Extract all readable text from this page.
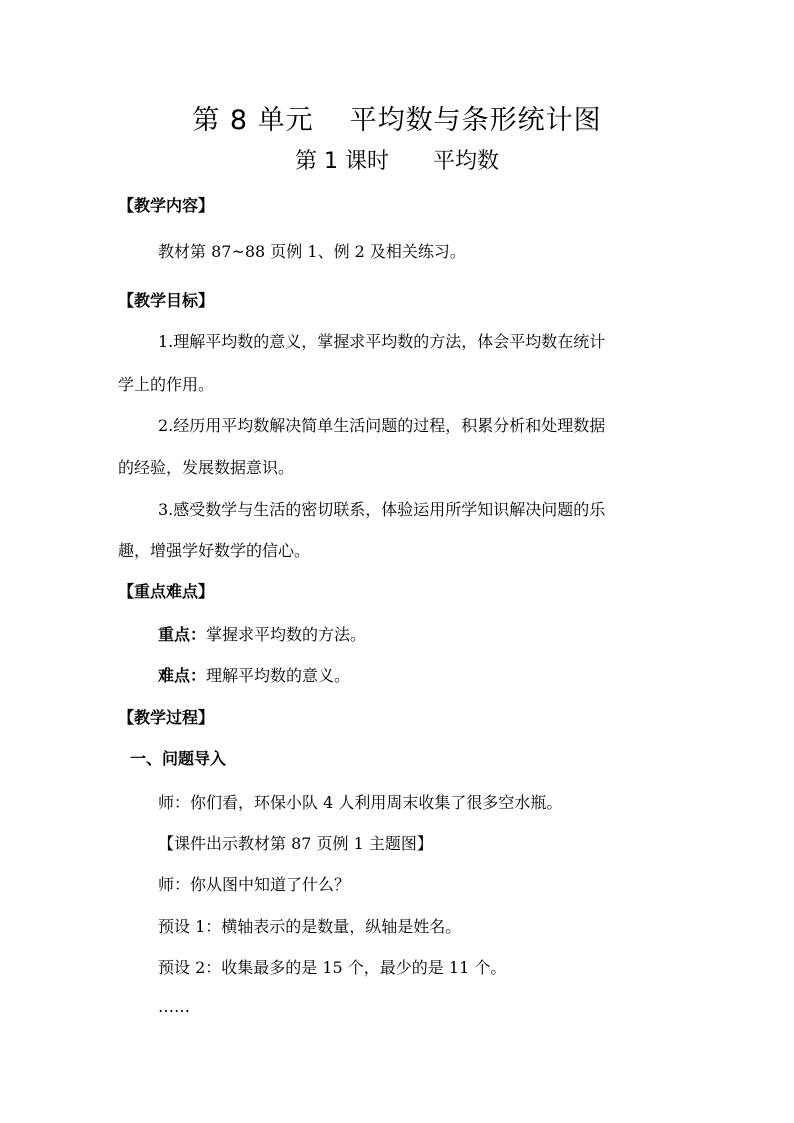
第 8 单元 平均数与条形统计图
第 1 课时 平均数
【教学内容】
教材第 87~88 页例 1、例 2 及相关练习。
【教学目标】
1.理解平均数的意义，掌握求平均数的方法，体会平均数在统计
学上的作用。
2.经历用平均数解决简单生活问题的过程，积累分析和处理数据
的经验，发展数据意识。
3.感受数学与生活的密切联系，体验运用所学知识解决问题的乐
趣，增强学好数学的信心。
【重点难点】
重点：掌握求平均数的方法。
难点：理解平均数的意义。
【教学过程】
一、问题导入
师：你们看，环保小队 4 人利用周末收集了很多空水瓶。
【课件出示教材第 87 页例 1 主题图】
师：你从图中知道了什么？
预设 1：横轴表示的是数量，纵轴是姓名。
预设 2：收集最多的是 15 个，最少的是 11 个。
……
